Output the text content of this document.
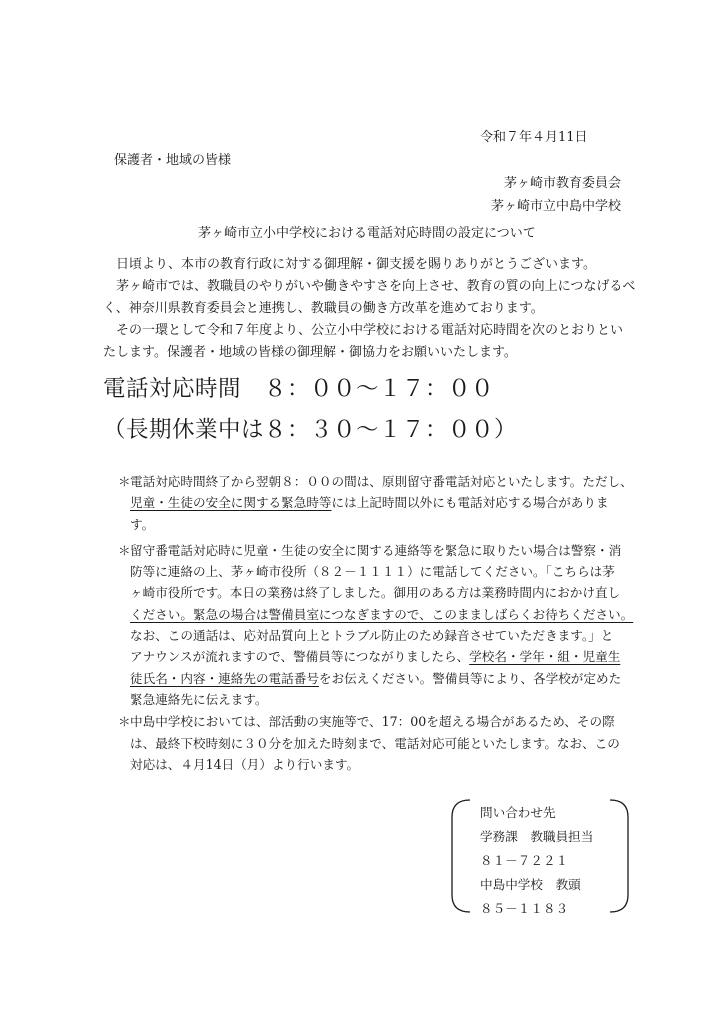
令和７年４月11日
保護者・地域の皆様
茅ヶ崎市教育委員会
茅ヶ崎市立中島中学校
茅ヶ崎市立小中学校における電話対応時間の設定について
日頃より、本市の教育行政に対する御理解・御支援を賜りありがとうございます。
茅ヶ崎市では、教職員のやりがいや働きやすさを向上させ、教育の質の向上につなげるべ
く、神奈川県教育委員会と連携し、教職員の働き方改革を進めております。
その一環として令和７年度より、公立小中学校における電話対応時間を次のとおりとい
たします。保護者・地域の皆様の御理解・御協力をお願いいたします。
電話対応時間　８：００～１７：００
（長期休業中は８：３０～１７：００）
＊ 電話対応時間終了から翌朝８：００の間は、原則留守番電話対応といたします。ただし、
児童・生徒の安全に関する緊急時等には上記時間以外にも電話対応する場合がありま
す。
＊ 留守番電話対応時に児童・生徒の安全に関する連絡等を緊急に取りたい場合は警察・消
防等に連絡の上、茅ヶ崎市役所（８２－１１１１）に電話してください。「こちらは茅
ヶ崎市役所です。本日の業務は終了しました。御用のある方は業務時間内におかけ直し
ください。緊急の場合は警備員室につなぎますので、このまましばらくお待ちください。
なお、この通話は、応対品質向上とトラブル防止のため録音させていただきます。」と
アナウンスが流れますので、警備員等につながりましたら、学校名・学年・組・児童生
徒氏名・内容・連絡先の電話番号をお伝えください。警備員等により、各学校が定めた
緊急連絡先に伝えます。
＊ 中島中学校においては、部活動の実施等で、17：00を超える場合があるため、その際
は、最終下校時刻に３０分を加えた時刻まで、電話対応可能といたします。なお、この
対応は、４月14日（月）より行います。
問い合わせ先
学務課　教職員担当
８１－７２２１
中島中学校　教頭
８５－１１８３
